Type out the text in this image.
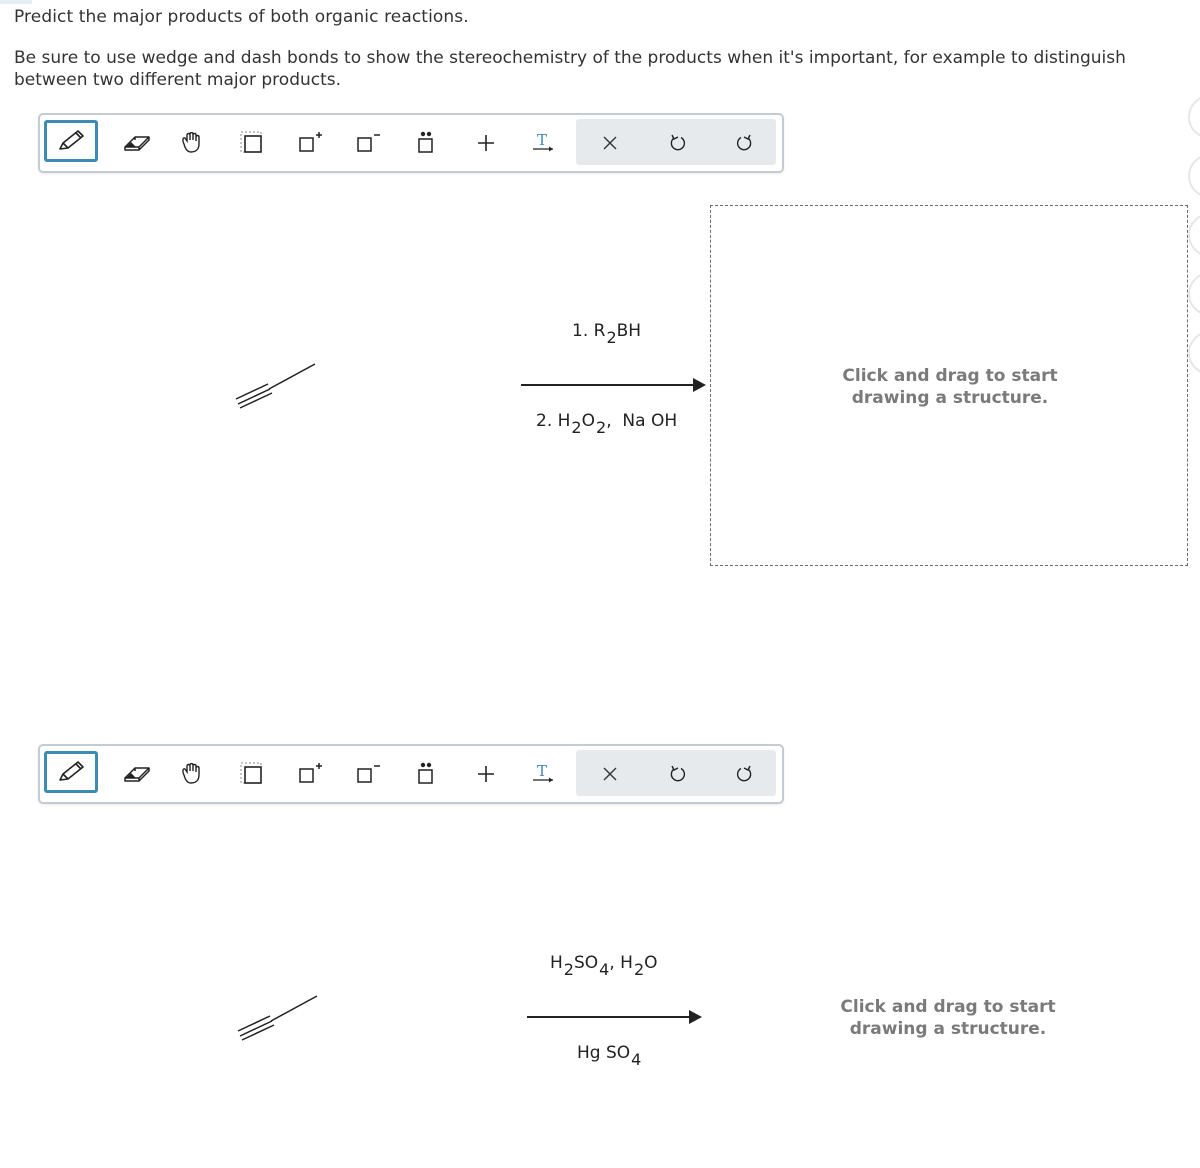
Predict the major products of both organic reactions.
Be sure to use wedge and dash bonds to show the stereochemistry of the products when it's important, for example to distinguish between two different major products.
T
1. $R_2BH$
2. $H_2O_2$, Na OH
Click and drag to start drawing a structure.
T
$H_2SO_4$, $H_2O$
Hg $SO_4$
Click and drag to start drawing a structure.
